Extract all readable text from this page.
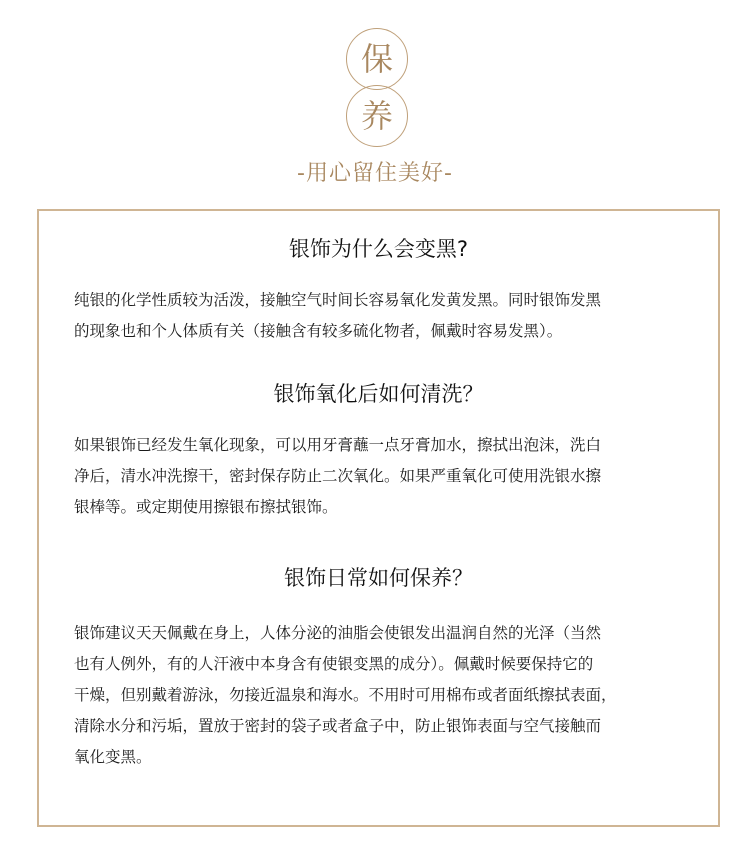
保
养
-用心留住美好-
银饰为什么会变黑?
纯银的化学性质较为活泼，接触空气时间长容易氧化发黄发黑。同时银饰发黑
的现象也和个人体质有关（接触含有较多硫化物者，佩戴时容易发黑）。
银饰氧化后如何清洗？
如果银饰已经发生氧化现象，可以用牙膏蘸一点牙膏加水，擦拭出泡沫，洗白
净后，清水冲洗擦干，密封保存防止二次氧化。如果严重氧化可使用洗银水擦
银棒等。或定期使用擦银布擦拭银饰。
银饰日常如何保养？
银饰建议天天佩戴在身上，人体分泌的油脂会使银发出温润自然的光泽（当然
也有人例外，有的人汗液中本身含有使银变黑的成分）。佩戴时候要保持它的
干燥，但别戴着游泳，勿接近温泉和海水。不用时可用棉布或者面纸擦拭表面，
清除水分和污垢，置放于密封的袋子或者盒子中，防止银饰表面与空气接触而
氧化变黑。
